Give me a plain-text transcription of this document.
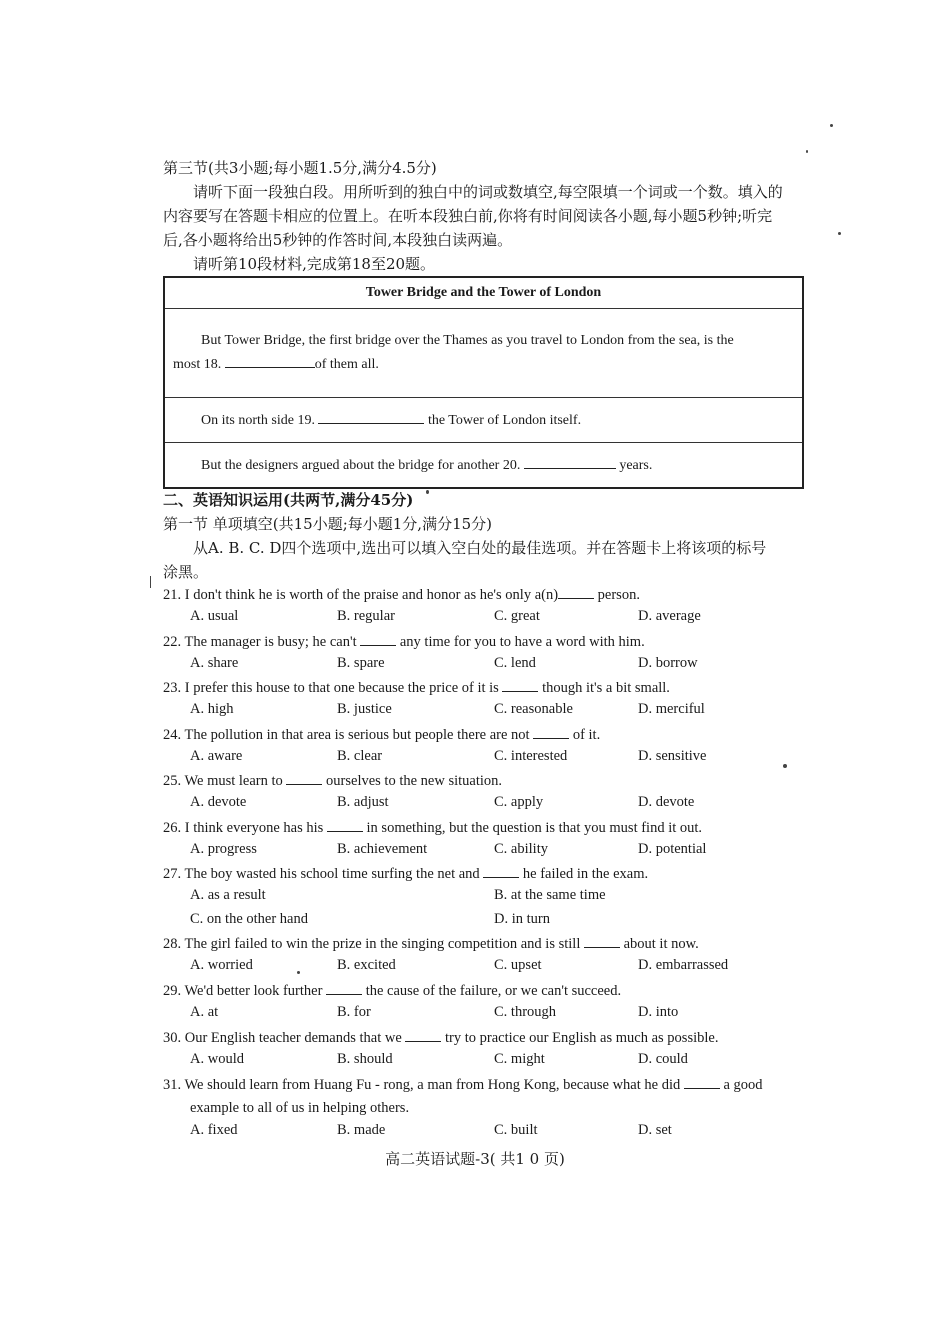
第三节(共3小题;每小题1.5分,满分4.5分)
请听下面一段独白段。用所听到的独白中的词或数填空,每空限填一个词或一个数。填入的
内容要写在答题卡相应的位置上。在听本段独白前,你将有时间阅读各小题,每小题5秒钟;听完
后,各小题将给出5秒钟的作答时间,本段独白读两遍。
请听第10段材料,完成第18至20题。
Tower Bridge and the Tower of London

But Tower Bridge, the first bridge over the Thames as you travel to London from the sea, is the
most 18.	of them all.

On its north side 19.	the Tower of London itself.

But the designers argued about the bridge for another 20.	years.
二、英语知识运用(共两节,满分45分)
第一节 单项填空(共15小题;每小题1分,满分15分)
从A. B. C. D四个选项中,选出可以填入空白处的最佳选项。并在答题卡上将该项的标号
涂黑。
21. I don't think he is worth of the praise and honor as he's only a(n)	person.
A. usual	B. regular	C. great	D. average
22. The manager is busy; he can't	any time for you to have a word with him.
A. share	B. spare	C. lend	D. borrow
23. I prefer this house to that one because the price of it is	though it's a bit small.
A. high	B. justice	C. reasonable	D. merciful
24. The pollution in that area is serious but people there are not	of it.
A. aware	B. clear	C. interested	D. sensitive
25. We must learn to	ourselves to the new situation.
A. devote	B. adjust	C. apply	D. devote
26. I think everyone has his	in something, but the question is that you must find it out.
A. progress	B. achievement	C. ability	D. potential
27. The boy wasted his school time surfing the net and	he failed in the exam.
A. as a result	B. at the same time
C. on the other hand	D. in turn
28. The girl failed to win the prize in the singing competition and is still	about it now.
A. worried	B. excited	C. upset	D. embarrassed
29. We'd better look further	the cause of the failure, or we can't succeed.
A. at	B. for	C. through	D. into
30. Our English teacher demands that we	try to practice our English as much as possible.
A. would	B. should	C. might	D. could
31. We should learn from Huang Fu - rong, a man from Hong Kong, because what he did	a good
example to all of us in helping others.
A. fixed	B. made	C. built	D. set
高二英语试题-3( 共1 0 页)
